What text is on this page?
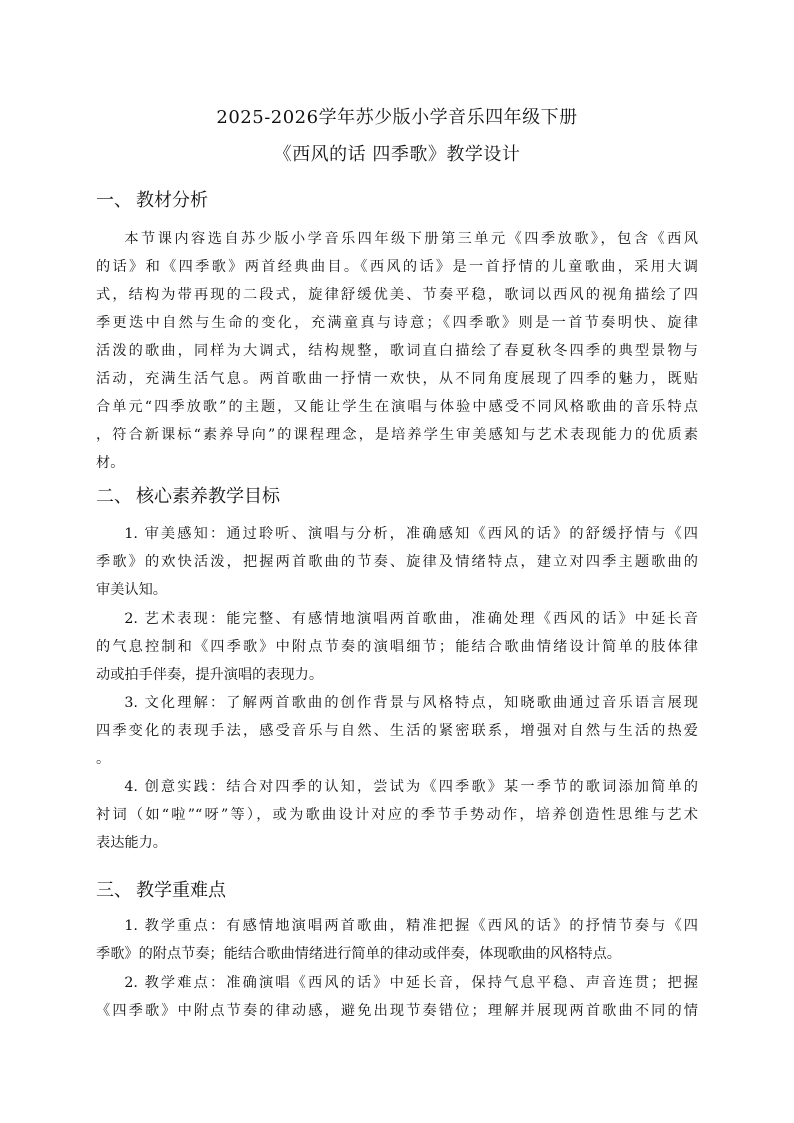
2025-2026学年苏少版小学音乐四年级下册
《西风的话 四季歌》教学设计
一、 教材分析
本节课内容选自苏少版小学音乐四年级下册第三单元《四季放歌》，包含《西风
的话》和《四季歌》两首经典曲目。《西风的话》是一首抒情的儿童歌曲，采用大调
式，结构为带再现的二段式，旋律舒缓优美、节奏平稳，歌词以西风的视角描绘了四
季更迭中自然与生命的变化，充满童真与诗意；《四季歌》则是一首节奏明快、旋律
活泼的歌曲，同样为大调式，结构规整，歌词直白描绘了春夏秋冬四季的典型景物与
活动，充满生活气息。两首歌曲一抒情一欢快，从不同角度展现了四季的魅力，既贴
合单元“四季放歌”的主题，又能让学生在演唱与体验中感受不同风格歌曲的音乐特点
，符合新课标“素养导向”的课程理念，是培养学生审美感知与艺术表现能力的优质素
材。
二、 核心素养教学目标
1. 审美感知：通过聆听、演唱与分析，准确感知《西风的话》的舒缓抒情与《四
季歌》的欢快活泼，把握两首歌曲的节奏、旋律及情绪特点，建立对四季主题歌曲的
审美认知。
2. 艺术表现：能完整、有感情地演唱两首歌曲，准确处理《西风的话》中延长音
的气息控制和《四季歌》中附点节奏的演唱细节；能结合歌曲情绪设计简单的肢体律
动或拍手伴奏，提升演唱的表现力。
3. 文化理解：了解两首歌曲的创作背景与风格特点，知晓歌曲通过音乐语言展现
四季变化的表现手法，感受音乐与自然、生活的紧密联系，增强对自然与生活的热爱
。
4. 创意实践：结合对四季的认知，尝试为《四季歌》某一季节的歌词添加简单的
衬词（如“啦”“呀”等），或为歌曲设计对应的季节手势动作，培养创造性思维与艺术
表达能力。
三、 教学重难点
1. 教学重点：有感情地演唱两首歌曲，精准把握《西风的话》的抒情节奏与《四
季歌》的附点节奏；能结合歌曲情绪进行简单的律动或伴奏，体现歌曲的风格特点。
2. 教学难点：准确演唱《西风的话》中延长音，保持气息平稳、声音连贯；把握
《四季歌》中附点节奏的律动感，避免出现节奏错位；理解并展现两首歌曲不同的情
